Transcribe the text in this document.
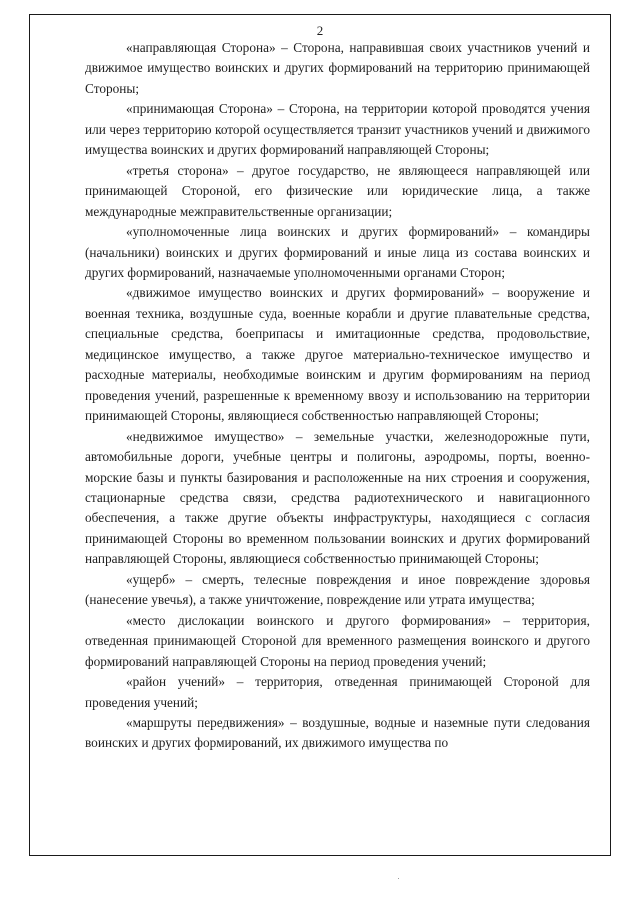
2

«направляющая Сторона» – Сторона, направившая своих участников учений и движимое имущество воинских и других формирований на территорию принимающей Стороны;

«принимающая Сторона» – Сторона, на территории которой проводятся учения или через территорию которой осуществляется транзит участников учений и движимого имущества воинских и других формирований направляющей Стороны;

«третья сторона» – другое государство, не являющееся направляющей или принимающей Стороной, его физические или юридические лица, а также международные межправительственные организации;

«уполномоченные лица воинских и других формирований» – командиры (начальники) воинских и других формирований и иные лица из состава воинских и других формирований, назначаемые уполномоченными органами Сторон;

«движимое имущество воинских и других формирований» – вооружение и военная техника, воздушные суда, военные корабли и другие плавательные средства, специальные средства, боеприпасы и имитационные средства, продовольствие, медицинское имущество, а также другое материально-техническое имущество и расходные материалы, необходимые воинским и другим формированиям на период проведения учений, разрешенные к временному ввозу и использованию на территории принимающей Стороны, являющиеся собственностью направляющей Стороны;

«недвижимое имущество» – земельные участки, железнодорожные пути, автомобильные дороги, учебные центры и полигоны, аэродромы, порты, военно-морские базы и пункты базирования и расположенные на них строения и сооружения, стационарные средства связи, средства радиотехнического и навигационного обеспечения, а также другие объекты инфраструктуры, находящиеся с согласия принимающей Стороны во временном пользовании воинских и других формирований направляющей Стороны, являющиеся собственностью принимающей Стороны;

«ущерб» – смерть, телесные повреждения и иное повреждение здоровья (нанесение увечья), а также уничтожение, повреждение или утрата имущества;

«место дислокации воинского и другого формирования» – территория, отведенная принимающей Стороной для временного размещения воинского и другого формирований направляющей Стороны на период проведения учений;

«район учений» – территория, отведенная принимающей Стороной для проведения учений;

«маршруты передвижения» – воздушные, водные и наземные пути следования воинских и других формирований, их движимого имущества по
